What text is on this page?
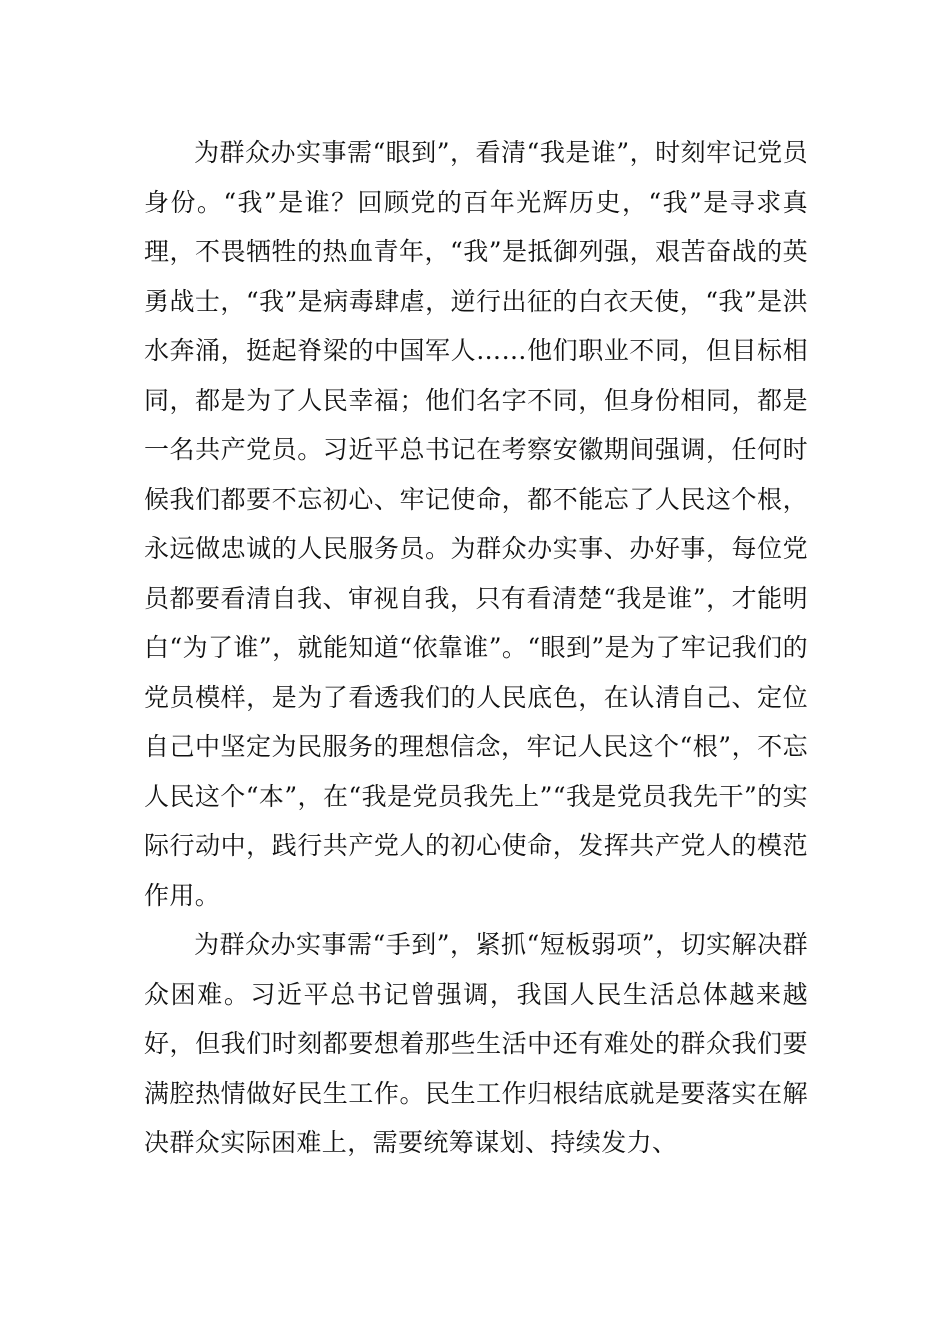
为群众办实事需“眼到”，看清“我是谁”，时刻牢记党员身份。“我”是谁？回顾党的百年光辉历史，“我”是寻求真理，不畏牺牲的热血青年，“我”是抵御列强，艰苦奋战的英勇战士，“我”是病毒肆虐，逆行出征的白衣天使，“我”是洪水奔涌，挺起脊梁的中国军人……他们职业不同，但目标相同，都是为了人民幸福；他们名字不同，但身份相同，都是一名共产党员。习近平总书记在考察安徽期间强调，任何时候我们都要不忘初心、牢记使命，都不能忘了人民这个根，永远做忠诚的人民服务员。为群众办实事、办好事，每位党员都要看清自我、审视自我，只有看清楚“我是谁”，才能明白“为了谁”，就能知道“依靠谁”。“眼到”是为了牢记我们的党员模样，是为了看透我们的人民底色，在认清自己、定位自己中坚定为民服务的理想信念，牢记人民这个“根”，不忘人民这个“本”，在“我是党员我先上”“我是党员我先干”的实际行动中，践行共产党人的初心使命，发挥共产党人的模范作用。

为群众办实事需“手到”，紧抓“短板弱项”，切实解决群众困难。习近平总书记曾强调，我国人民生活总体越来越好，但我们时刻都要想着那些生活中还有难处的群众我们要满腔热情做好民生工作。民生工作归根结底就是要落实在解决群众实际困难上，需要统筹谋划、持续发力、
